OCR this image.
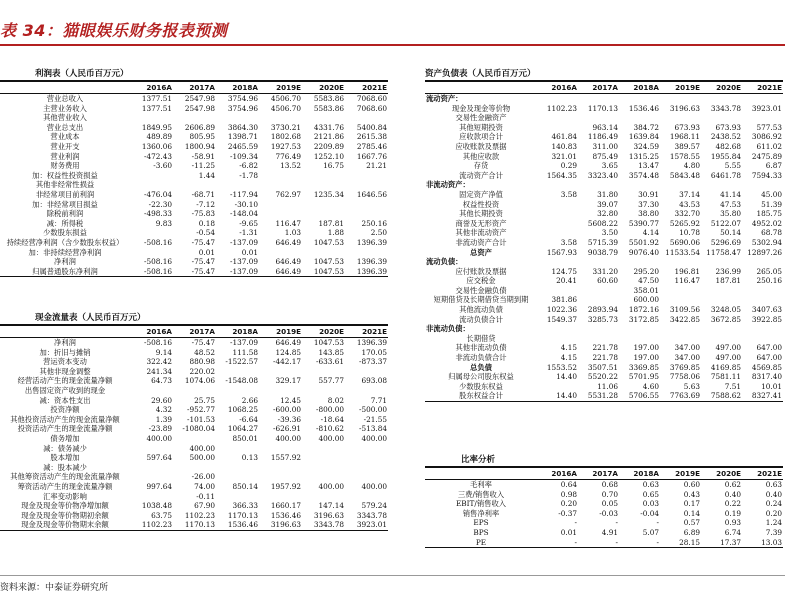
表 34：猫眼娱乐财务报表预测
利润表（人民币百万元）
	2016A	2017A	2018A	2019E	2020E	2021E
营业总收入	1377.51	2547.98	3754.96	4506.70	5583.86	7068.60
主营业务收入	1377.51	2547.98	3754.96	4506.70	5583.86	7068.60
其他营业收入						
营业总支出	1849.95	2606.89	3864.30	3730.21	4331.76	5400.84
营业成本	489.89	805.95	1398.71	1802.68	2121.86	2615.38
营业开支	1360.06	1800.94	2465.59	1927.53	2209.89	2785.46
营业利润	-472.43	-58.91	-109.34	776.49	1252.10	1667.76
财务费用	-3.60	-11.25	-6.82	13.52	16.75	21.21
加：权益性投资损益		1.44	-1.78			
其他非经常性损益						
非经常项目前利润	-476.04	-68.71	-117.94	762.97	1235.34	1646.56
加：非经常项目损益	-22.30	-7.12	-30.10			
除税前利润	-498.33	-75.83	-148.04			
减：所得税	9.83	0.18	-9.65	116.47	187.81	250.16
少数股东损益		-0.54	-1.31	1.03	1.88	2.50
持续经营净利润（含少数股东权益）	-508.16	-75.47	-137.09	646.49	1047.53	1396.39
加：非持续经营净利润		0.01	0.01			
净利润	-508.16	-75.47	-137.09	646.49	1047.53	1396.39
归属普通股东净利润	-508.16	-75.47	-137.09	646.49	1047.53	1396.39
现金流量表（人民币百万元）
	2016A	2017A	2018A	2019E	2020E	2021E
净利润	-508.16	-75.47	-137.09	646.49	1047.53	1396.39
加：折旧与摊销	9.14	48.52	111.58	124.85	143.85	170.05
营运资本变动	322.42	880.98	-1522.57	-442.17	-633.61	-873.37
其他非现金调整	241.34	220.02				
经营活动产生的现金流量净额	64.73	1074.06	-1548.08	329.17	557.77	693.08
出售固定资产收到的现金						
减：资本性支出	29.60	25.75	2.66	12.45	8.02	7.71
投资净额	4.32	-952.77	1068.25	-600.00	-800.00	-500.00
其他投资活动产生的现金流量净额	1.39	-101.53	-6.64	-39.36	-18.64	-21.55
投资活动产生的现金流量净额	-23.89	-1080.04	1064.27	-626.91	-810.62	-513.84
债务增加	400.00		850.01	400.00	400.00	400.00
减：债务减少		400.00				
股本增加	597.64	500.00	0.13	1557.92		
减：股本减少						
其他筹资活动产生的现金流量净额		-26.00				
筹资活动产生的现金流量净额	997.64	74.00	850.14	1957.92	400.00	400.00
汇率变动影响		-0.11				
现金及现金等价物净增加额	1038.48	67.90	366.33	1660.17	147.14	579.24
现金及现金等价物期初余额	63.75	1102.23	1170.13	1536.46	3196.63	3343.78
现金及现金等价物期末余额	1102.23	1170.13	1536.46	3196.63	3343.78	3923.01
资产负债表（人民币百万元）
	2016A	2017A	2018A	2019E	2020E	2021E
流动资产：						
现金及现金等价物	1102.23	1170.13	1536.46	3196.63	3343.78	3923.01
交易性金融资产						
其他短期投资		963.14	384.72	673.93	673.93	577.53
应收款项合计	461.84	1186.49	1639.84	1968.11	2438.52	3086.92
应收账款及票据	140.83	311.00	324.59	389.57	482.68	611.02
其他应收款	321.01	875.49	1315.25	1578.55	1955.84	2475.89
存货	0.29	3.65	13.47	4.80	5.55	6.87
流动资产合计	1564.35	3323.40	3574.48	5843.48	6461.78	7594.33
非流动资产：						
固定资产净值	3.58	31.80	30.91	37.14	41.14	45.00
权益性投资		39.07	37.30	43.53	47.53	51.39
其他长期投资		32.80	38.80	332.70	35.80	185.75
商誉及无形资产		5608.22	5390.77	5265.92	5122.07	4952.02
其他非流动资产		3.50	4.14	10.78	50.14	68.78
非流动资产合计	3.58	5715.39	5501.92	5690.06	5296.69	5302.94
总资产	1567.93	9038.79	9076.40	11533.54	11758.47	12897.26
流动负债：						
应付账款及票据	124.75	331.20	295.20	196.81	236.99	265.05
应交税金	20.41	60.60	47.50	116.47	187.81	250.16
交易性金融负债			358.01			
短期借贷及长期借贷当期到期	381.86		600.00			
其他流动负债	1022.36	2893.94	1872.16	3109.56	3248.05	3407.63
流动负债合计	1549.37	3285.73	3172.85	3422.85	3672.85	3922.85
非流动负债：						
长期借贷						
其他非流动负债	4.15	221.78	197.00	347.00	497.00	647.00
非流动负债合计	4.15	221.78	197.00	347.00	497.00	647.00
总负债	1553.52	3507.51	3369.85	3769.85	4169.85	4569.85
归属母公司股东权益	14.40	5520.22	5701.95	7758.06	7581.11	8317.40
少数股东权益		11.06	4.60	5.63	7.51	10.01
股东权益合计	14.40	5531.28	5706.55	7763.69	7588.62	8327.41
比率分析
	2016A	2017A	2018A	2019E	2020E	2021E
毛利率	0.64	0.68	0.63	0.60	0.62	0.63
三费/销售收入	0.98	0.70	0.65	0.43	0.40	0.40
EBIT/销售收入	0.20	0.05	0.03	0.17	0.22	0.24
销售净利率	-0.37	-0.03	-0.04	0.14	0.19	0.20
EPS	-	-	-	0.57	0.93	1.24
BPS	0.01	4.91	5.07	6.89	6.74	7.39
PE	-	-	-	28.15	17.37	13.03
资料来源：中泰证券研究所
